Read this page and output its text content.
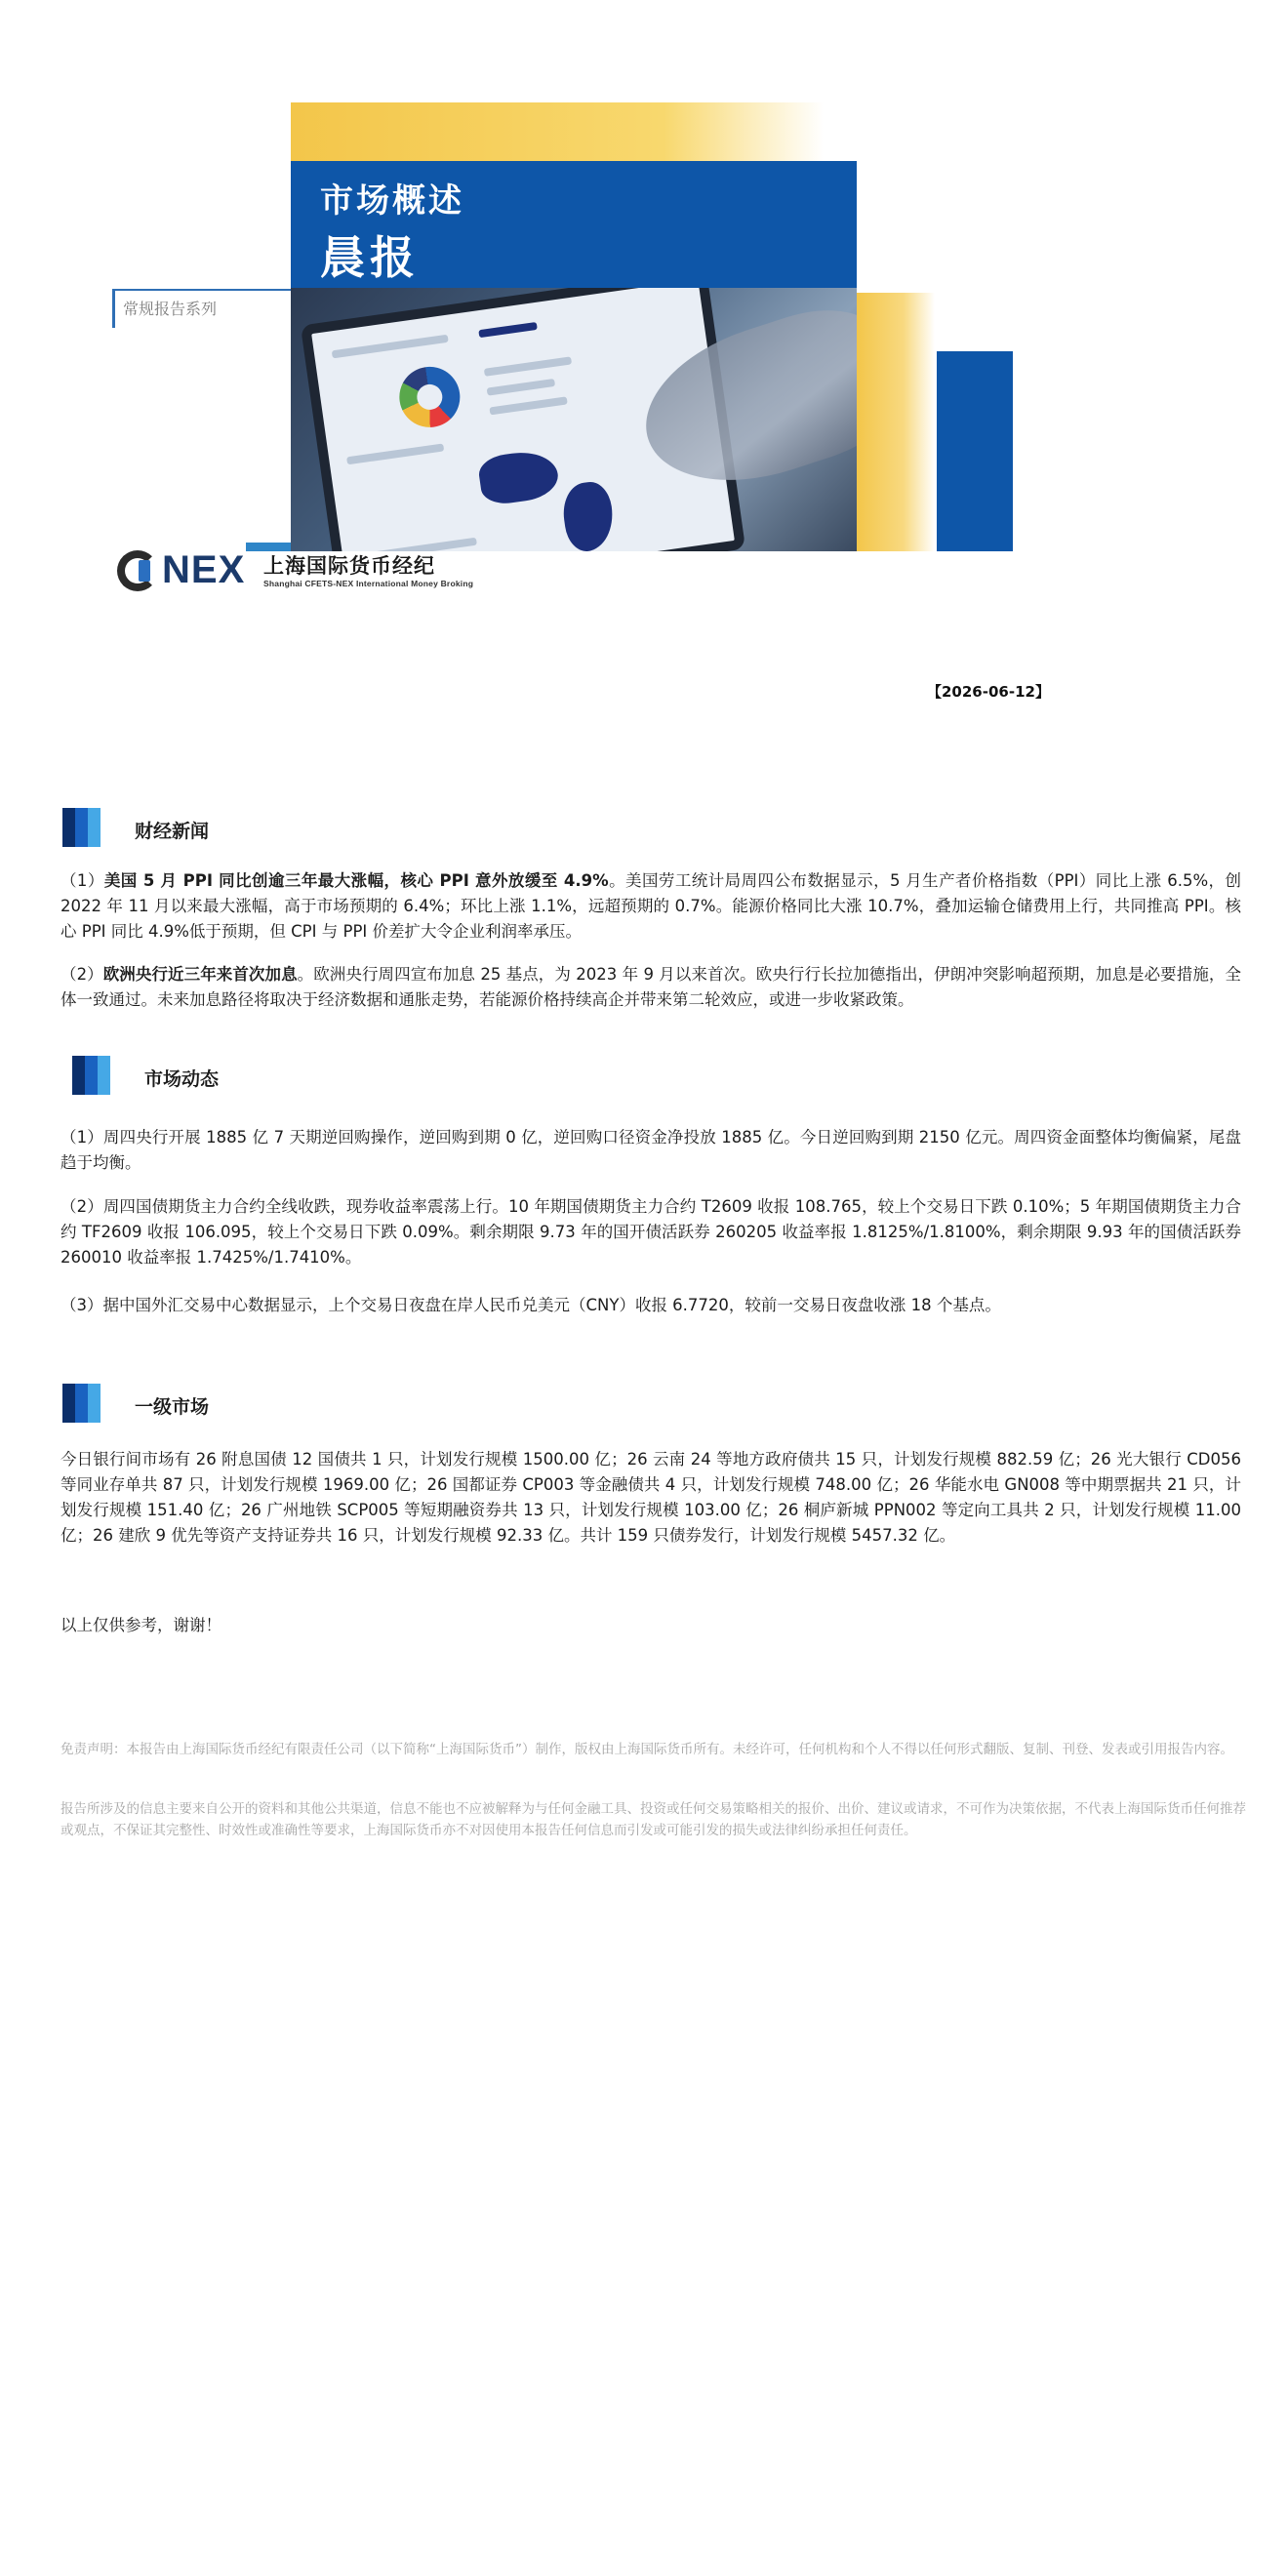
市场概述
晨报
常规报告系列
NEX 上海国际货币经纪
Shanghai CFETS-NEX International Money Broking
【2026-06-12】
财经新闻
（1）美国 5 月 PPI 同比创逾三年最大涨幅，核心 PPI 意外放缓至 4.9%。美国劳工统计局周四公布数据显示，5 月生产者价格指数（PPI）同比上涨 6.5%，创 2022 年 11 月以来最大涨幅，高于市场预期的 6.4%；环比上涨 1.1%，远超预期的 0.7%。能源价格同比大涨 10.7%，叠加运输仓储费用上行，共同推高 PPI。核心 PPI 同比 4.9%低于预期，但 CPI 与 PPI 价差扩大令企业利润率承压。
（2）欧洲央行近三年来首次加息。欧洲央行周四宣布加息 25 基点，为 2023 年 9 月以来首次。欧央行行长拉加德指出，伊朗冲突影响超预期，加息是必要措施，全体一致通过。未来加息路径将取决于经济数据和通胀走势，若能源价格持续高企并带来第二轮效应，或进一步收紧政策。
市场动态
（1）周四央行开展 1885 亿 7 天期逆回购操作，逆回购到期 0 亿，逆回购口径资金净投放 1885 亿。今日逆回购到期 2150 亿元。周四资金面整体均衡偏紧，尾盘趋于均衡。
（2）周四国债期货主力合约全线收跌，现券收益率震荡上行。10 年期国债期货主力合约 T2609 收报 108.765，较上个交易日下跌 0.10%；5 年期国债期货主力合约 TF2609 收报 106.095，较上个交易日下跌 0.09%。剩余期限 9.73 年的国开债活跃券 260205 收益率报 1.8125%/1.8100%，剩余期限 9.93 年的国债活跃券 260010 收益率报 1.7425%/1.7410%。
（3）据中国外汇交易中心数据显示，上个交易日夜盘在岸人民币兑美元（CNY）收报 6.7720，较前一交易日夜盘收涨 18 个基点。
一级市场
今日银行间市场有 26 附息国债 12 国债共 1 只，计划发行规模 1500.00 亿；26 云南 24 等地方政府债共 15 只，计划发行规模 882.59 亿；26 光大银行 CD056 等同业存单共 87 只，计划发行规模 1969.00 亿；26 国都证券 CP003 等金融债共 4 只，计划发行规模 748.00 亿；26 华能水电 GN008 等中期票据共 21 只，计划发行规模 151.40 亿；26 广州地铁 SCP005 等短期融资券共 13 只，计划发行规模 103.00 亿；26 桐庐新城 PPN002 等定向工具共 2 只，计划发行规模 11.00 亿；26 建欣 9 优先等资产支持证券共 16 只，计划发行规模 92.33 亿。共计 159 只债券发行，计划发行规模 5457.32 亿。
以上仅供参考，谢谢！
免责声明：本报告由上海国际货币经纪有限责任公司（以下简称“上海国际货币”）制作，版权由上海国际货币所有。未经许可，任何机构和个人不得以任何形式翻版、复制、刊登、发表或引用报告内容。
报告所涉及的信息主要来自公开的资料和其他公共渠道，信息不能也不应被解释为与任何金融工具、投资或任何交易策略相关的报价、出价、建议或请求，不可作为决策依据，不代表上海国际货币任何推荐或观点，不保证其完整性、时效性或准确性等要求，上海国际货币亦不对因使用本报告任何信息而引发或可能引发的损失或法律纠纷承担任何责任。
